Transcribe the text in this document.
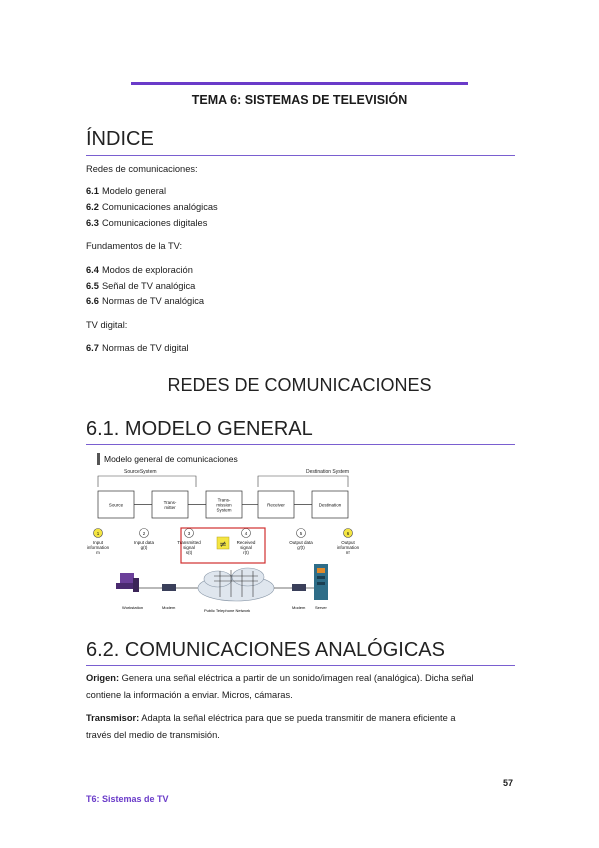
TEMA 6: SISTEMAS DE TELEVISIÓN
ÍNDICE
Redes de comunicaciones:
6.1 Modelo general
6.2 Comunicaciones analógicas
6.3 Comunicaciones digitales
Fundamentos de la TV:
6.4 Modos de exploración
6.5 Señal de TV analógica
6.6 Normas de TV analógica
TV digital:
6.7 Normas de TV digital
REDES DE COMUNICACIONES
6.1. MODELO GENERAL
Modelo general de comunicaciones
SourceSystem	Destination System
Source	Trans-
mitter
Trans-
mission
System
Receiver	Destination
1
Input
information
m
2
Input data
g(t)
3
Transmitted
signal
s(t)
4
Received
signal
r(t)
5
Output data
g'(t)
6
Output
information
m'
≠
Workstation	Modem
Public Telephone Network
Modem Server
6.2. COMUNICACIONES ANALÓGICAS
Origen: Genera una señal eléctrica a partir de un sonido/imagen real (analógica). Dicha señal
contiene la información a enviar. Micros, cámaras.
Transmisor: Adapta la señal eléctrica para que se pueda transmitir de manera eficiente a
través del medio de transmisión.
57
T6: Sistemas de TV
